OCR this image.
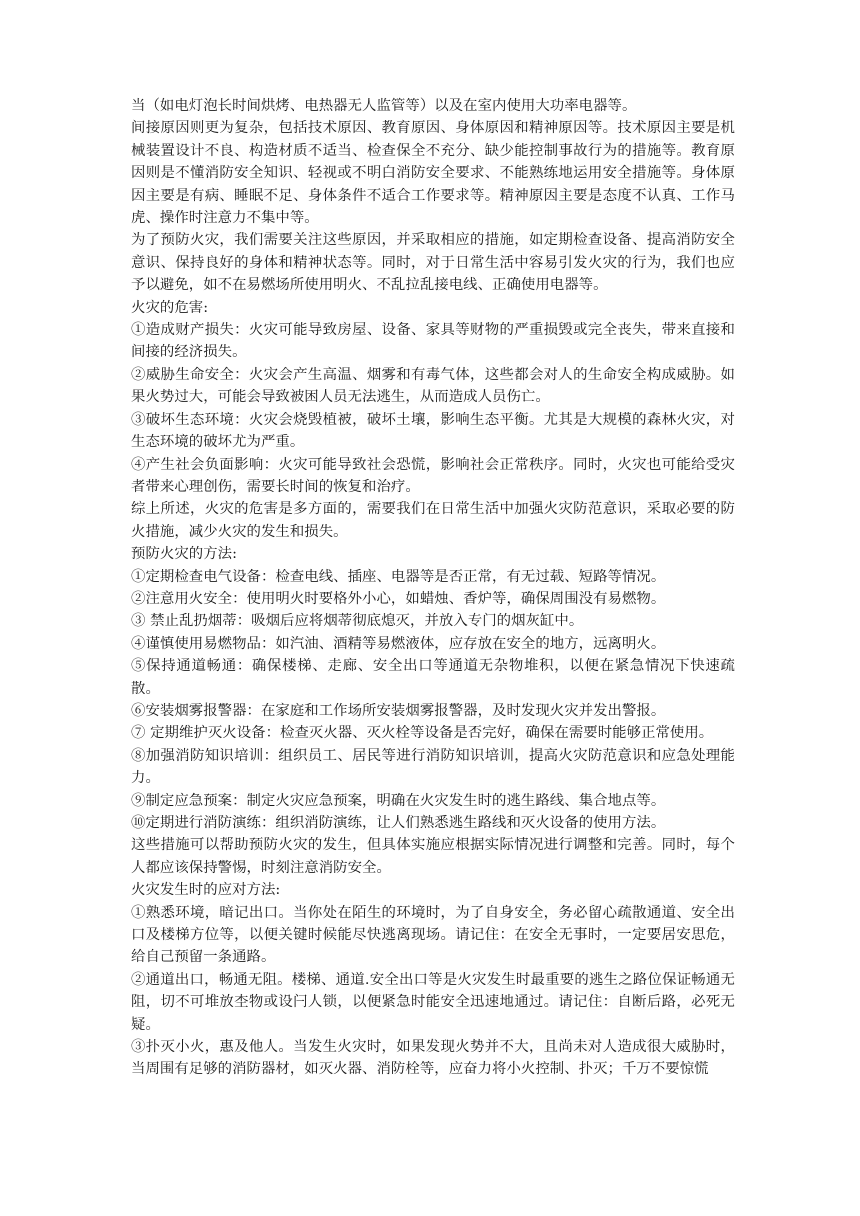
当（如电灯泡长时间烘烤、电热器无人监管等）以及在室内使用大功率电器等。

间接原因则更为复杂，包括技术原因、教育原因、身体原因和精神原因等。技术原因主要是机械装置设计不良、构造材质不适当、检查保全不充分、缺少能控制事故行为的措施等。教育原因则是不懂消防安全知识、轻视或不明白消防安全要求、不能熟练地运用安全措施等。身体原因主要是有病、睡眠不足、身体条件不适合工作要求等。精神原因主要是态度不认真、工作马虎、操作时注意力不集中等。

为了预防火灾，我们需要关注这些原因，并采取相应的措施，如定期检查设备、提高消防安全意识、保持良好的身体和精神状态等。同时，对于日常生活中容易引发火灾的行为，我们也应予以避免，如不在易燃场所使用明火、不乱拉乱接电线、正确使用电器等。

火灾的危害:

①造成财产损失：火灾可能导致房屋、设备、家具等财物的严重损毁或完全丧失，带来直接和间接的经济损失。

②威胁生命安全：火灾会产生高温、烟雾和有毒气体，这些都会对人的生命安全构成威胁。如果火势过大，可能会导致被困人员无法逃生，从而造成人员伤亡。

③破坏生态环境：火灾会烧毁植被，破坏土壤，影响生态平衡。尤其是大规模的森林火灾，对生态环境的破坏尤为严重。

④产生社会负面影响：火灾可能导致社会恐慌，影响社会正常秩序。同时，火灾也可能给受灾者带来心理创伤，需要长时间的恢复和治疗。

综上所述，火灾的危害是多方面的，需要我们在日常生活中加强火灾防范意识，采取必要的防火措施，减少火灾的发生和损失。

预防火灾的方法:

①定期检查电气设备：检查电线、插座、电器等是否正常，有无过载、短路等情况。

②注意用火安全：使用明火时要格外小心，如蜡烛、香炉等，确保周围没有易燃物。

③ 禁止乱扔烟蒂：吸烟后应将烟蒂彻底熄灭，并放入专门的烟灰缸中。

④谨慎使用易燃物品：如汽油、酒精等易燃液体，应存放在安全的地方，远离明火。

⑤保持通道畅通：确保楼梯、走廊、安全出口等通道无杂物堆积，以便在紧急情况下快速疏散。

⑥安装烟雾报警器：在家庭和工作场所安装烟雾报警器，及时发现火灾并发出警报。

⑦ 定期维护灭火设备：检查灭火器、灭火栓等设备是否完好，确保在需要时能够正常使用。

⑧加强消防知识培训：组织员工、居民等进行消防知识培训，提高火灾防范意识和应急处理能力。

⑨制定应急预案：制定火灾应急预案，明确在火灾发生时的逃生路线、集合地点等。

⑩定期进行消防演练：组织消防演练，让人们熟悉逃生路线和灭火设备的使用方法。

这些措施可以帮助预防火灾的发生，但具体实施应根据实际情况进行调整和完善。同时，每个人都应该保持警惕，时刻注意消防安全。

火灾发生时的应对方法:

①熟悉环境，暗记出口。当你处在陌生的环境时，为了自身安全，务必留心疏散通道、安全出口及楼梯方位等，以便关键时候能尽快逃离现场。请记住：在安全无事时，一定要居安思危，给自己预留一条通路。

②通道出口，畅通无阻。楼梯、通道.安全出口等是火灾发生时最重要的逃生之路位保证畅通无阻，切不可堆放杢物或设闩人锁，以便紧急时能安全迅速地通过。请记住：自断后路，必死无疑。

③扑灭小火，惠及他人。当发生火灾时，如果发现火势并不大，且尚未对人造成很大威胁时，当周围有足够的消防器材，如灭火器、消防栓等，应奋力将小火控制、扑灭；千万不要惊慌
